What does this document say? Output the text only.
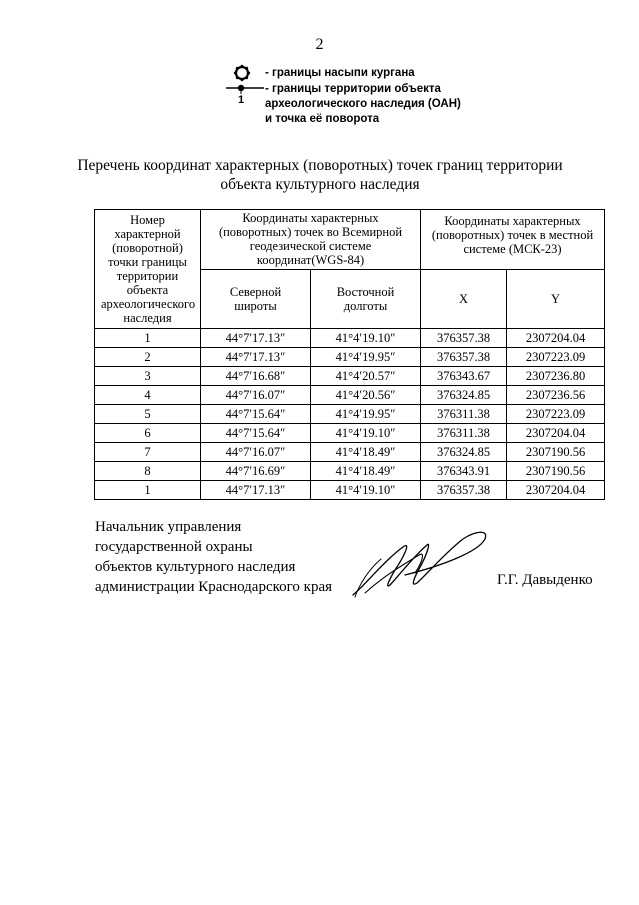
2
- границы насыпи кургана
1
- границы территории объекта
археологического наследия (ОАН)
и точка её поворота
Перечень координат характерных (поворотных) точек границ территории
объекта культурного наследия
Номер характерной (поворотной) точки границы территории объекта археологического наследия	Координаты характерных (поворотных) точек во Всемирной геодезической системе координат(WGS-84)		Координаты характерных (поворотных) точек в местной системе (МСК-23)	
	Северной широты	Восточной долготы	X	Y
1	44°7′17.13″	41°4′19.10″	376357.38	2307204.04
2	44°7′17.13″	41°4′19.95″	376357.38	2307223.09
3	44°7′16.68″	41°4′20.57″	376343.67	2307236.80
4	44°7′16.07″	41°4′20.56″	376324.85	2307236.56
5	44°7′15.64″	41°4′19.95″	376311.38	2307223.09
6	44°7′15.64″	41°4′19.10″	376311.38	2307204.04
7	44°7′16.07″	41°4′18.49″	376324.85	2307190.56
8	44°7′16.69″	41°4′18.49″	376343.91	2307190.56
1	44°7′17.13″	41°4′19.10″	376357.38	2307204.04
Начальник управления
государственной охраны
объектов культурного наследия
администрации Краснодарского края	Г.Г. Давыденко
